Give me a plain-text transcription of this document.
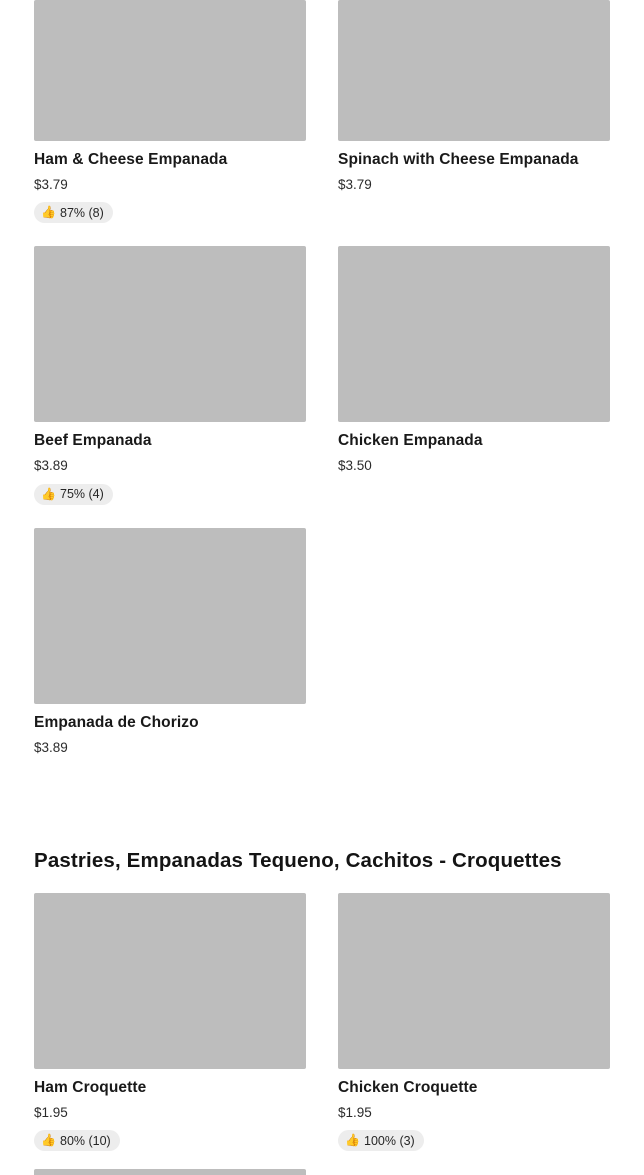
Ham & Cheese Empanada
$3.79
👍 87% (8)
Spinach with Cheese Empanada
$3.79
Beef Empanada
$3.89
👍 75% (4)
Chicken Empanada
$3.50
Empanada de Chorizo
$3.89
Pastries, Empanadas Tequeno, Cachitos - Croquettes
Ham Croquette
$1.95
👍 80% (10)
Chicken Croquette
$1.95
👍 100% (3)
